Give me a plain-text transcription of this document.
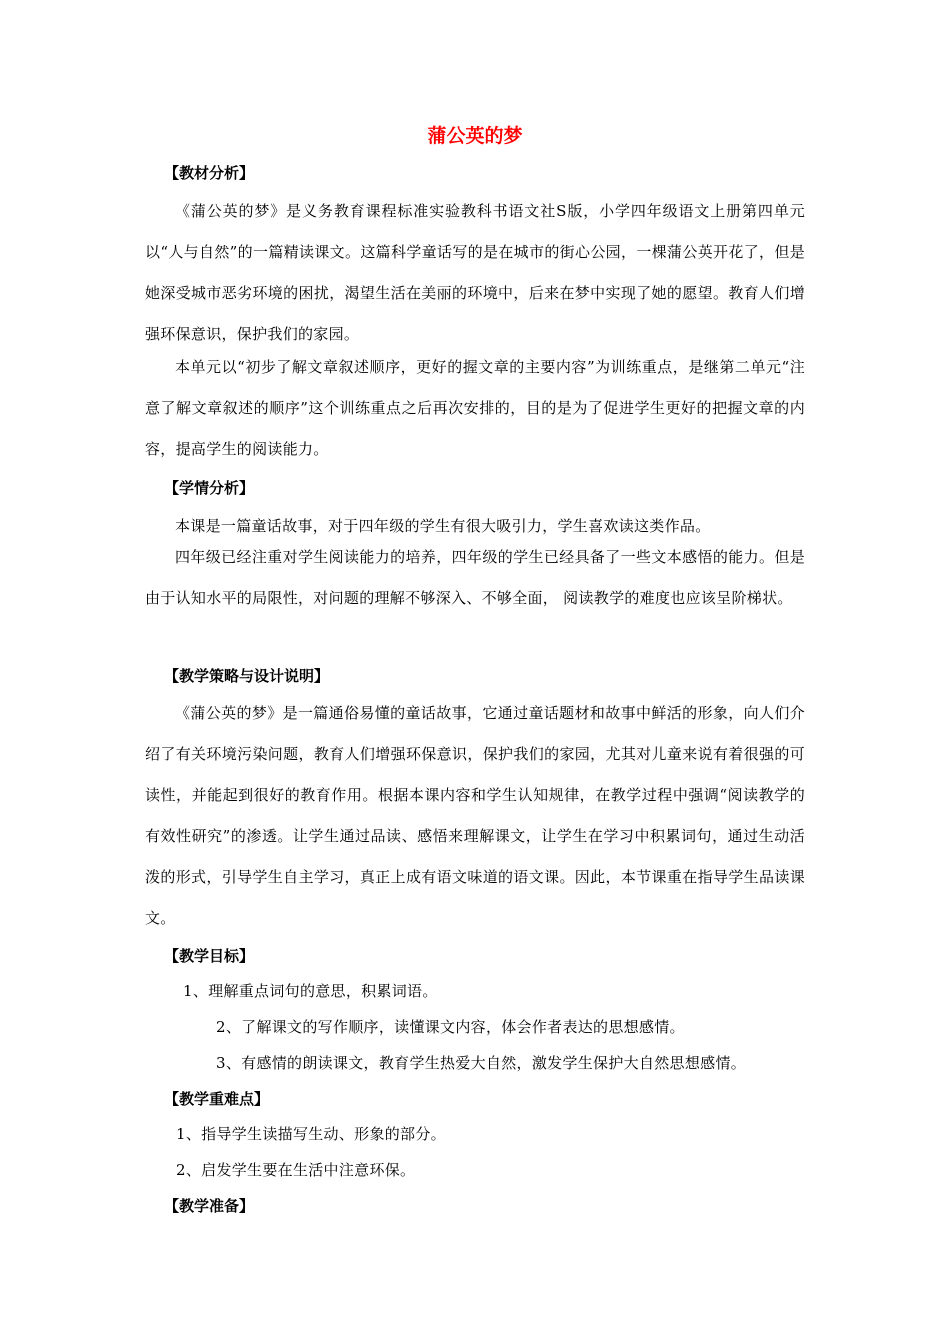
蒲公英的梦
【教材分析】
《蒲公英的梦》是义务教育课程标准实验教科书语文社S版，小学四年级语文上册第四单元以“人与自然”的一篇精读课文。这篇科学童话写的是在城市的街心公园，一棵蒲公英开花了，但是她深受城市恶劣环境的困扰，渴望生活在美丽的环境中，后来在梦中实现了她的愿望。教育人们增强环保意识，保护我们的家园。
本单元以“初步了解文章叙述顺序，更好的握文章的主要内容”为训练重点，是继第二单元“注意了解文章叙述的顺序”这个训练重点之后再次安排的，目的是为了促进学生更好的把握文章的内容，提高学生的阅读能力。
【学情分析】
本课是一篇童话故事，对于四年级的学生有很大吸引力，学生喜欢读这类作品。
四年级已经注重对学生阅读能力的培养，四年级的学生已经具备了一些文本感悟的能力。但是由于认知水平的局限性，对问题的理解不够深入、不够全面， 阅读教学的难度也应该呈阶梯状。
【教学策略与设计说明】
《蒲公英的梦》是一篇通俗易懂的童话故事，它通过童话题材和故事中鲜活的形象，向人们介绍了有关环境污染问题，教育人们增强环保意识，保护我们的家园，尤其对儿童来说有着很强的可读性，并能起到很好的教育作用。根据本课内容和学生认知规律，在教学过程中强调“阅读教学的有效性研究”的渗透。让学生通过品读、感悟来理解课文，让学生在学习中积累词句，通过生动活泼的形式，引导学生自主学习，真正上成有语文味道的语文课。因此，本节课重在指导学生品读课文。
【教学目标】
1、理解重点词句的意思，积累词语。
2、了解课文的写作顺序，读懂课文内容，体会作者表达的思想感情。
3、有感情的朗读课文，教育学生热爱大自然，激发学生保护大自然思想感情。
【教学重难点】
1、指导学生读描写生动、形象的部分。
2、启发学生要在生活中注意环保。
【教学准备】
